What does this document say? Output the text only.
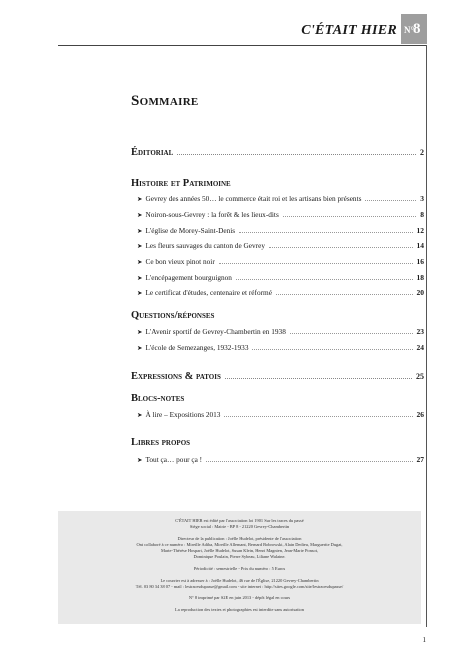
N°
8
C'ÉTAIT HIER
Sommaire
Éditorial	2
Histoire et Patrimoine
➤ Gevrey des années 50… le commerce était roi et les artisans bien présents	3
➤ Noiron-sous-Gevrey : la forêt & les lieux-dits	8
➤ L'église de Morey-Saint-Denis	12
➤ Les fleurs sauvages du canton de Gevrey	14
➤ Ce bon vieux pinot noir	16
➤ L'encépagement bourguignon	18
➤ Le certificat d'études, centenaire et réformé	20
Questions/réponses
➤ L'Avenir sportif de Gevrey-Chambertin en 1938	23
➤ L'école de Semezanges, 1932-1933	24
Expressions & patois	25
Blocs-notes
➤ À lire – Expositions 2013	26
Libres propos
➤ Tout ça… pour ça !	27
C'ÉTAIT HIER est édité par l'association loi 1901 Sur les traces du passé
Siège social : Mairie - BP 8 - 21220 Gevrey-Chambertin
Directeur de la publication : Joëlle Hudelot, présidente de l'association
Ont collaboré à ce numéro : Mireille Adiba, Mireille Allemant, Bernard Bobrowski, Alain Dedieu, Marguerite Dugat,
Marie-Thérèse Hospart, Joëlle Hudelot, Susan Klein, Henri Magnien, Jean-Marie Ponsot,
Dominique Poulain, Pierre Sybeau, Liliane Walaine.
Périodicité : semestrielle - Prix du numéro : 5 Euros
Le courrier est à adresser à : Joëlle Hudelot, 46 rue de l'Église, 21220 Gevrey-Chambertin
Tél. 03 80 34 38 07 - mail : lestracesdupasse@gmail.com - site internet : http://sites.google.com/site/lestracesdupasse/
N° 8 imprimé par S2E en juin 2013 - dépôt légal en cours
La reproduction des textes et photographies est interdite sans autorisation
1
